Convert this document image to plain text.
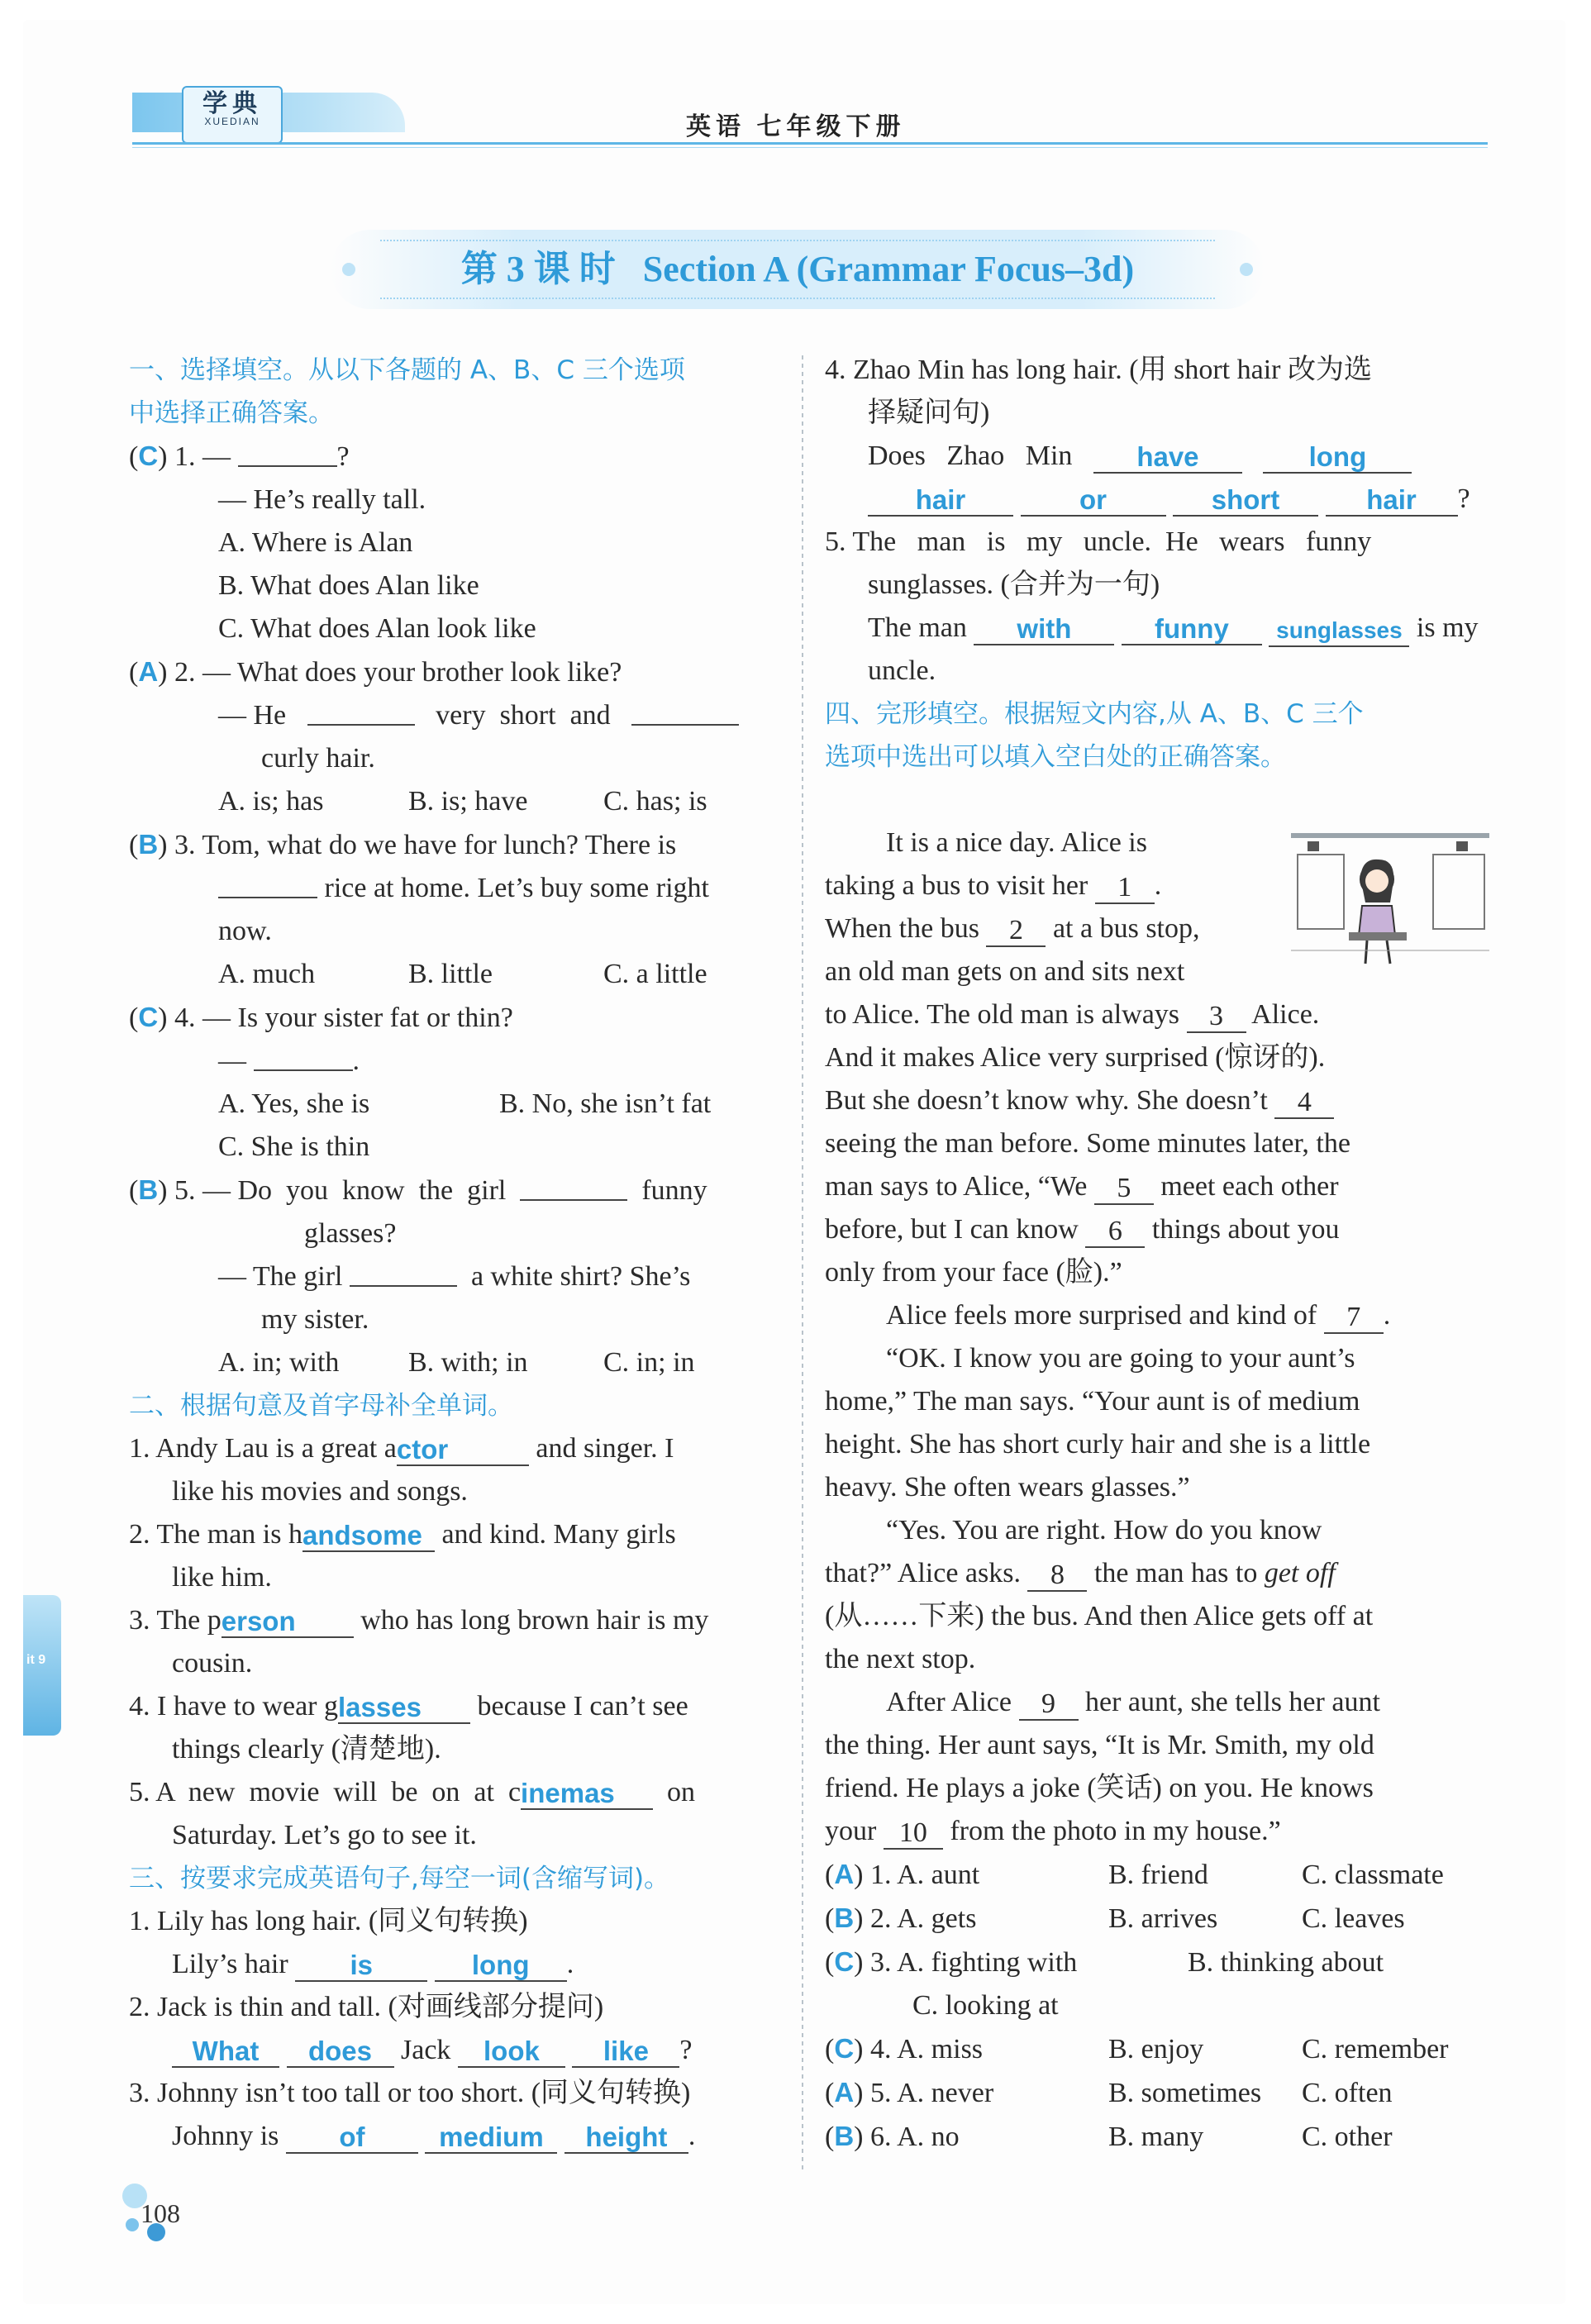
学典
XUEDIAN	英语 七年级下册
第 3 课 时   Section A (Grammar Focus–3d)
一、选择填空。从以下各题的 A、B、C 三个选项
中选择正确答案。
(C) 1. —	?
— He’s really tall.
A. Where is Alan
B. What does Alan like
C. What does Alan look like
(A) 2. — What does your brother look like?
— He	very  short  and
curly hair.
A. is; has	B. is; have	C. has; is
(B) 3. Tom, what do we have for lunch? There is
rice at home. Let’s buy some right
now.
A. much	B. little	C. a little
(C) 4. — Is your sister fat or thin?
—	.
A. Yes, she is	B. No, she isn’t fat
C. She is thin
(B) 5. — Do  you  know  the  girl	funny
glasses?
— The girl	a white shirt? She’s
my sister.
A. in; with B. with; in	C. in; in
二、根据句意及首字母补全单词。
1. Andy Lau is a great actor	and singer. I
like his movies and songs.
2. The man is handsome and kind. Many girls
like him.
3. The person who has long brown hair is my
cousin.
4. I have to wear glasses because I can’t see
things clearly (清楚地).
5. A  new  movie  will  be  on  at  cinemas on
Saturday. Let’s go to see it.
三、按要求完成英语句子,每空一词(含缩写词)。
1. Lily has long hair. (同义句转换)
Lily’s hair is	long .
2. Jack is thin and tall. (对画线部分提问)
What does Jack look like ?
3. Johnny isn’t too tall or too short. (同义句转换)
Johnny is of	medium height .
4. Zhao Min has long hair. (用 short hair 改为选
择疑问句)
Does   Zhao   Min have	long
hair	or	short	hair ?
5. The   man   is   my   uncle.  He   wears   funny
sunglasses. (合并为一句)
The man with	funny sunglasses is my
uncle.
四、完形填空。根据短文内容,从 A、B、C 三个
选项中选出可以填入空白处的正确答案。

It is a nice day. Alice is
taking a bus to visit her 1 .
When the bus 2 at a bus stop,
an old man gets on and sits next
to Alice. The old man is always 3 Alice.
And it makes Alice very surprised (惊讶的).
But she doesn’t know why. She doesn’t 4
seeing the man before. Some minutes later, the
man says to Alice, “We 5 meet each other
before, but I can know 6 things about you
only from your face (脸).”
Alice feels more surprised and kind of 7 .
“OK. I know you are going to your aunt’s
home,” The man says. “Your aunt is of medium
height. She has short curly hair and she is a little
heavy. She often wears glasses.”
“Yes. You are right. How do you know
that?” Alice asks. 8 the man has to get off
(从……下来) the bus. And then Alice gets off at
the next stop.
After Alice 9 her aunt, she tells her aunt
the thing. Her aunt says, “It is Mr. Smith, my old
friend. He plays a joke (笑话) on you. He knows
your 10 from the photo in my house.”
(A) 1. A. aunt	B. friend	C. classmate
(B) 2. A. gets	B. arrives	C. leaves
(C) 3. A. fighting with	B. thinking about
C. looking at
(C) 4. A. miss	B. enjoy	C. remember
(A) 5. A. never	B. sometimes C. often
(B) 6. A. no	B. many	C. other
it 9
108
